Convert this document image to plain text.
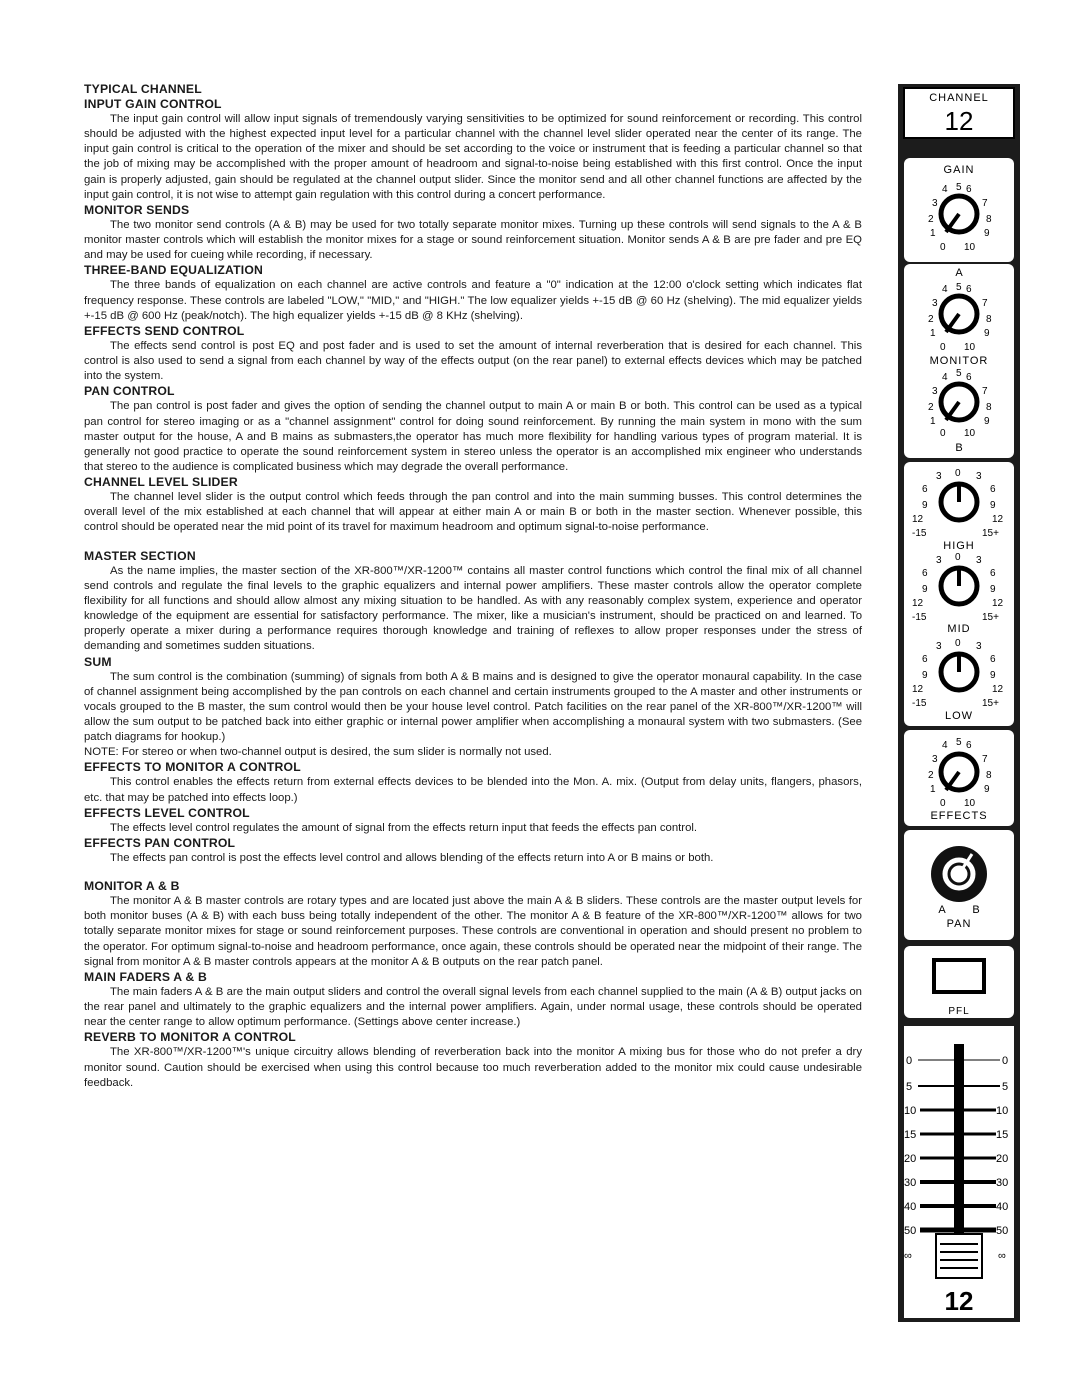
TYPICAL CHANNEL

INPUT GAIN CONTROL

The input gain control will allow input signals of tremendously varying sensitivities to be optimized for sound reinforcement or recording. This control should be adjusted with the highest expected input level for a particular channel with the channel level slider operated near the center of its range. The input gain control is critical to the operation of the mixer and should be set according to the voice or instrument that is feeding a particular channel so that the job of mixing may be accomplished with the proper amount of headroom and signal-to-noise being established with this first control. Once the input gain is properly adjusted, gain should be regulated at the channel output slider. Since the monitor send and all other channel functions are affected by the input gain control, it is not wise to attempt gain regulation with this control during a concert performance.

MONITOR SENDS

The two monitor send controls (A & B) may be used for two totally separate monitor mixes. Turning up these controls will send signals to the A & B monitor master controls which will establish the monitor mixes for a stage or sound reinforcement situation. Monitor sends A & B are pre fader and pre EQ and may be used for cueing while recording, if necessary.

THREE-BAND EQUALIZATION

The three bands of equalization on each channel are active controls and feature a "0" indication at the 12:00 o'clock setting which indicates flat frequency response. These controls are labeled "LOW," "MID," and "HIGH." The low equalizer yields +-15 dB @ 60 Hz (shelving). The mid equalizer yields +-15 dB @ 600 Hz (peak/notch). The high equalizer yields +-15 dB @ 8 KHz (shelving).

EFFECTS SEND CONTROL

The effects send control is post EQ and post fader and is used to set the amount of internal reverberation that is desired for each channel. This control is also used to send a signal from each channel by way of the effects output (on the rear panel) to external effects devices which may be patched into the system.

PAN CONTROL

The pan control is post fader and gives the option of sending the channel output to main A or main B or both. This control can be used as a typical pan control for stereo imaging or as a "channel assignment" control for doing sound reinforcement. By running the main system in mono with the sum master output for the house, A and B mains as submasters,the operator has much more flexibility for handling various types of program material. It is generally not good practice to operate the sound reinforcement system in stereo unless the operator is an accomplished mix engineer who understands that stereo to the audience is complicated business which may degrade the overall performance.

CHANNEL LEVEL SLIDER

The channel level slider is the output control which feeds through the pan control and into the main summing busses. This control determines the overall level of the mix established at each channel that will appear at either main A or main B or both in the master section. Whenever possible, this control should be operated near the mid point of its travel for maximum headroom and optimum signal-to-noise performance.

MASTER SECTION

As the name implies, the master section of the XR-800™/XR-1200™ contains all master control functions which control the final mix of all channel send controls and regulate the final levels to the graphic equalizers and internal power amplifiers. These master controls allow the operator complete flexibility for all functions and should allow almost any mixing situation to be handled. As with any reasonably complex system, experience and operator knowledge of the equipment are essential for satisfactory performance. The mixer, like a musician's instrument, should be practiced on and learned. To properly operate a mixer during a performance requires thorough knowledge and training of reflexes to allow proper responses under the stress of demanding and sometimes sudden situations.

SUM

The sum control is the combination (summing) of signals from both A & B mains and is designed to give the operator monaural capability. In the case of channel assignment being accomplished by the pan controls on each channel and certain instruments grouped to the A master and other instruments or vocals grouped to the B master, the sum control would then be your house level control. Patch facilities on the rear panel of the XR-800™/XR-1200™ will allow the sum output to be patched back into either graphic or internal power amplifier when accomplishing a monaural system with two submasters. (See patch diagrams for hookup.)

NOTE: For stereo or when two-channel output is desired, the sum slider is normally not used.

EFFECTS TO MONITOR A CONTROL

This control enables the effects return from external effects devices to be blended into the Mon. A. mix. (Output from delay units, flangers, phasors, etc. that may be patched into effects loop.)

EFFECTS LEVEL CONTROL

The effects level control regulates the amount of signal from the effects return input that feeds the effects pan control.

EFFECTS PAN CONTROL

The effects pan control is post the effects level control and allows blending of the effects return into A or B mains or both.

MONITOR A & B

The monitor A & B master controls are rotary types and are located just above the main A & B sliders. These controls are the master output levels for both monitor buses (A & B) with each buss being totally independent of the other. The monitor A & B feature of the XR-800™/XR-1200™ allows for two totally separate monitor mixes for stage or sound reinforcement purposes. These controls are conventional in operation and should present no problem to the operator. For optimum signal-to-noise and headroom performance, once again, these controls should be operated near the midpoint of their range. The signal from monitor A & B master controls appears at the monitor A & B outputs on the rear patch panel.

MAIN FADERS A & B

The main faders A & B are the main output sliders and control the overall signal levels from each channel supplied to the main (A & B) output jacks on the rear panel and ultimately to the graphic equalizers and the internal power amplifiers. Again, under normal usage, these controls should be operated near the center range to allow optimum performance. (Settings above center increase.)

REVERB TO MONITOR A CONTROL

The XR-800™/XR-1200™'s unique circuitry allows blending of reverberation back into the monitor A mixing bus for those who do not prefer a dry monitor sound. Caution should be exercised when using this control because too much reverberation added to the monitor mix could cause undesirable feedback.

CHANNEL
12
GAIN
4 5 6
3	7
2	8
1	9
0 10
A
4 5 6
3	7
2	8
1	9
0 10
MONITOR
4 5 6
3	7
2	8
1	9
0 10
B
3 0 3
6	6
9	9
12	12
-15	15+
HIGH
3 0 3
6	6
9	9
12	12
-15	15+
MID
3 0 3
6	6
9	9
12	12
-15	15+
LOW
4 5 6
3	7
2	8
1	9
0 10
EFFECTS
A B
PAN
PFL
0	0
5	5
10	10
15	15
20	20
30	30
40	40
50	50
∞	∞
12
